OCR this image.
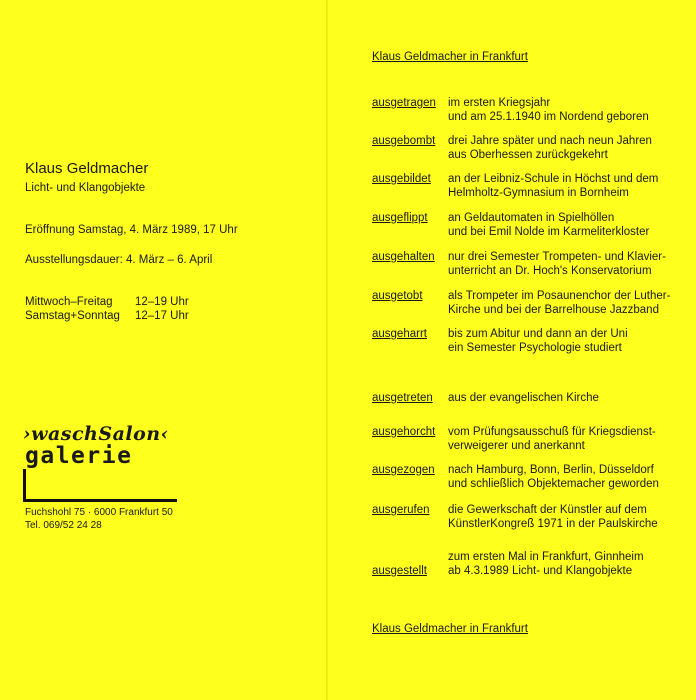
Klaus Geldmacher
Licht- und Klangobjekte
Eröffnung Samstag, 4. März 1989, 17 Uhr
Ausstellungsdauer: 4. März – 6. April
Mittwoch–Freitag	12–19 Uhr
Samstag+Sonntag	12–17 Uhr
›waschSalon‹
galerie
Fuchshohl 75 · 6000 Frankfurt 50
Tel. 069/52 24 28
Klaus Geldmacher in Frankfurt
ausgetragen im ersten Kriegsjahr
und am 25.1.1940 im Nordend geboren
ausgebombt drei Jahre später und nach neun Jahren
aus Oberhessen zurückgekehrt
ausgebildet an der Leibniz-Schule in Höchst und dem
Helmholtz-Gymnasium in Bornheim
ausgeflippt an Geldautomaten in Spielhöllen
und bei Emil Nolde im Karmeliterkloster
ausgehalten nur drei Semester Trompeten- und Klavier-
unterricht an Dr. Hoch's Konservatorium
ausgetobt als Trompeter im Posaunenchor der Luther-
Kirche und bei der Barrelhouse Jazzband
ausgeharrt bis zum Abitur und dann an der Uni
ein Semester Psychologie studiert
ausgetreten aus der evangelischen Kirche
ausgehorcht vom Prüfungsausschuß für Kriegsdienst-
verweigerer und anerkannt
ausgezogen nach Hamburg, Bonn, Berlin, Düsseldorf
und schließlich Objektemacher geworden
ausgerufen die Gewerkschaft der Künstler auf dem
KünstlerKongreß 1971 in der Paulskirche
ausgestellt
zum ersten Mal in Frankfurt, Ginnheim
ab 4.3.1989 Licht- und Klangobjekte
Klaus Geldmacher in Frankfurt
